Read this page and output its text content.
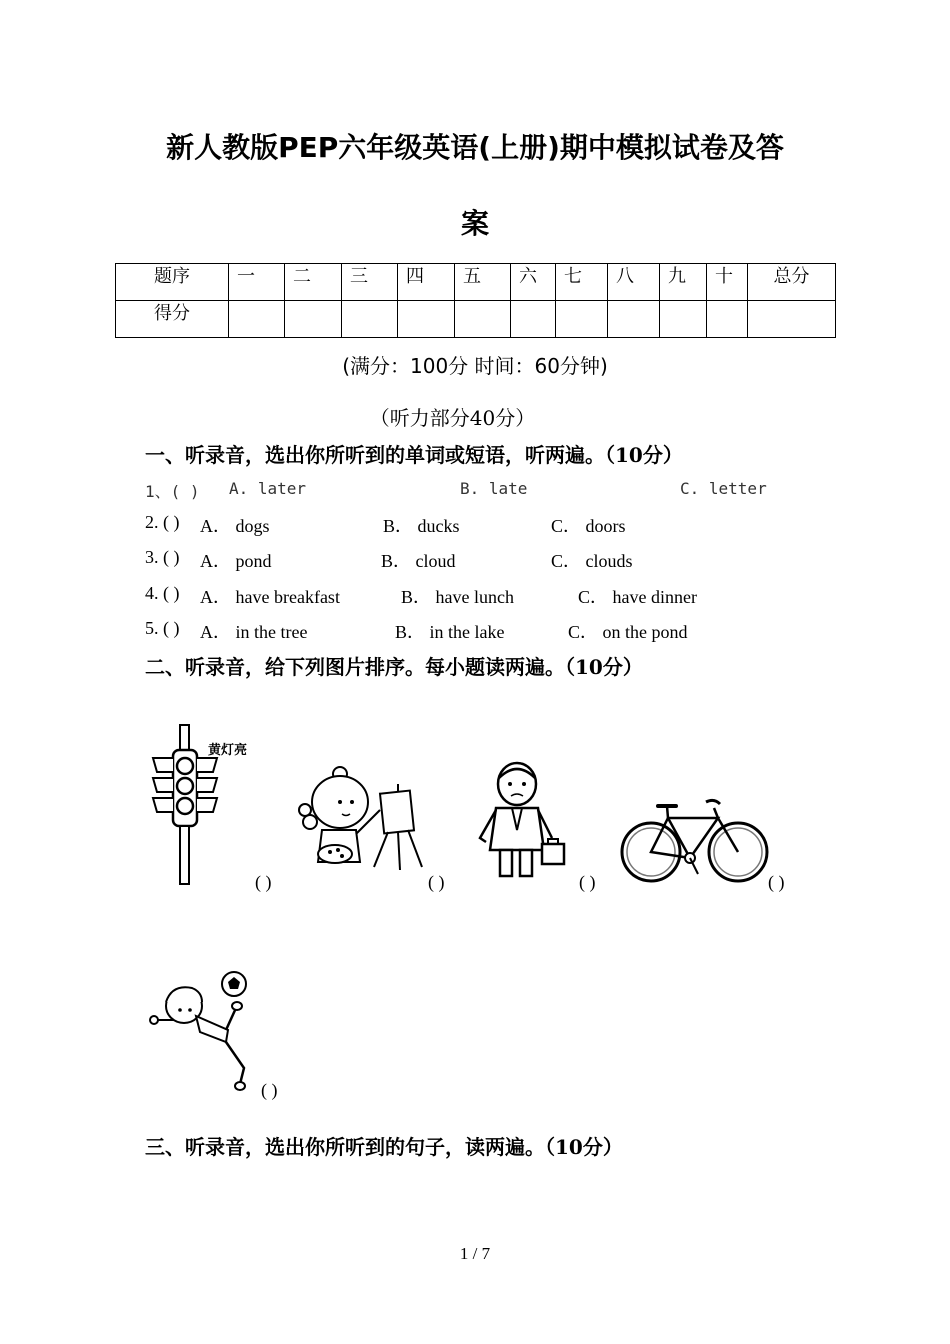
新人教版PEP六年级英语(上册)期中模拟试卷及答
案
题序	一	二	三	四	五	六	七	八	九	十	总分
得分											
(满分：100分 时间：60分钟)
（听力部分40分）
一、听录音，选出你所听到的单词或短语，听两遍。（10分）
1、( ) A. later	B. late	C. letter
2. ( ) A． dogs	B． ducks	C． doors
3. ( ) A． pond	B． cloud	C． clouds
4. ( ) A． have breakfast	B． have lunch	C． have dinner
5. ( ) A． in the tree	B． in the lake	C． on the pond
二、听录音，给下列图片排序。每小题读两遍。（10分）
黄灯亮
( )	( )	( )	( )
( )
三、听录音，选出你所听到的句子，读两遍。（10分）
1 / 7
